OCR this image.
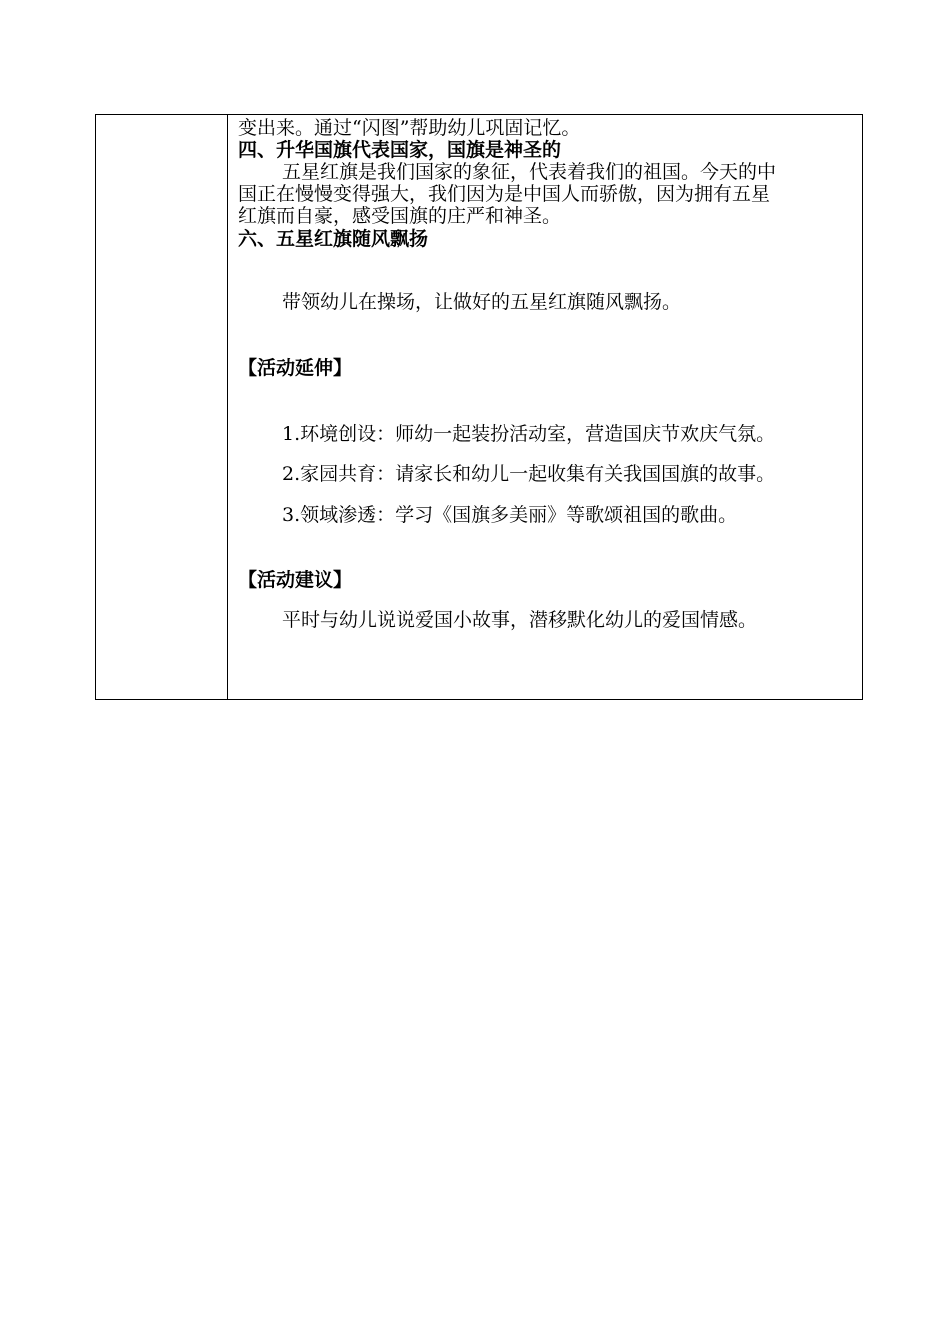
变出来。通过“闪图”帮助幼儿巩固记忆。
四、升华国旗代表国家，国旗是神圣的
五星红旗是我们国家的象征，代表着我们的祖国。今天的中
国正在慢慢变得强大，我们因为是中国人而骄傲，因为拥有五星
红旗而自豪，感受国旗的庄严和神圣。
六、五星红旗随风飘扬
带领幼儿在操场，让做好的五星红旗随风飘扬。
【活动延伸】
1.环境创设：师幼一起装扮活动室，营造国庆节欢庆气氛。
2.家园共育：请家长和幼儿一起收集有关我国国旗的故事。
3.领域渗透：学习《国旗多美丽》等歌颂祖国的歌曲。
【活动建议】
平时与幼儿说说爱国小故事，潜移默化幼儿的爱国情感。
